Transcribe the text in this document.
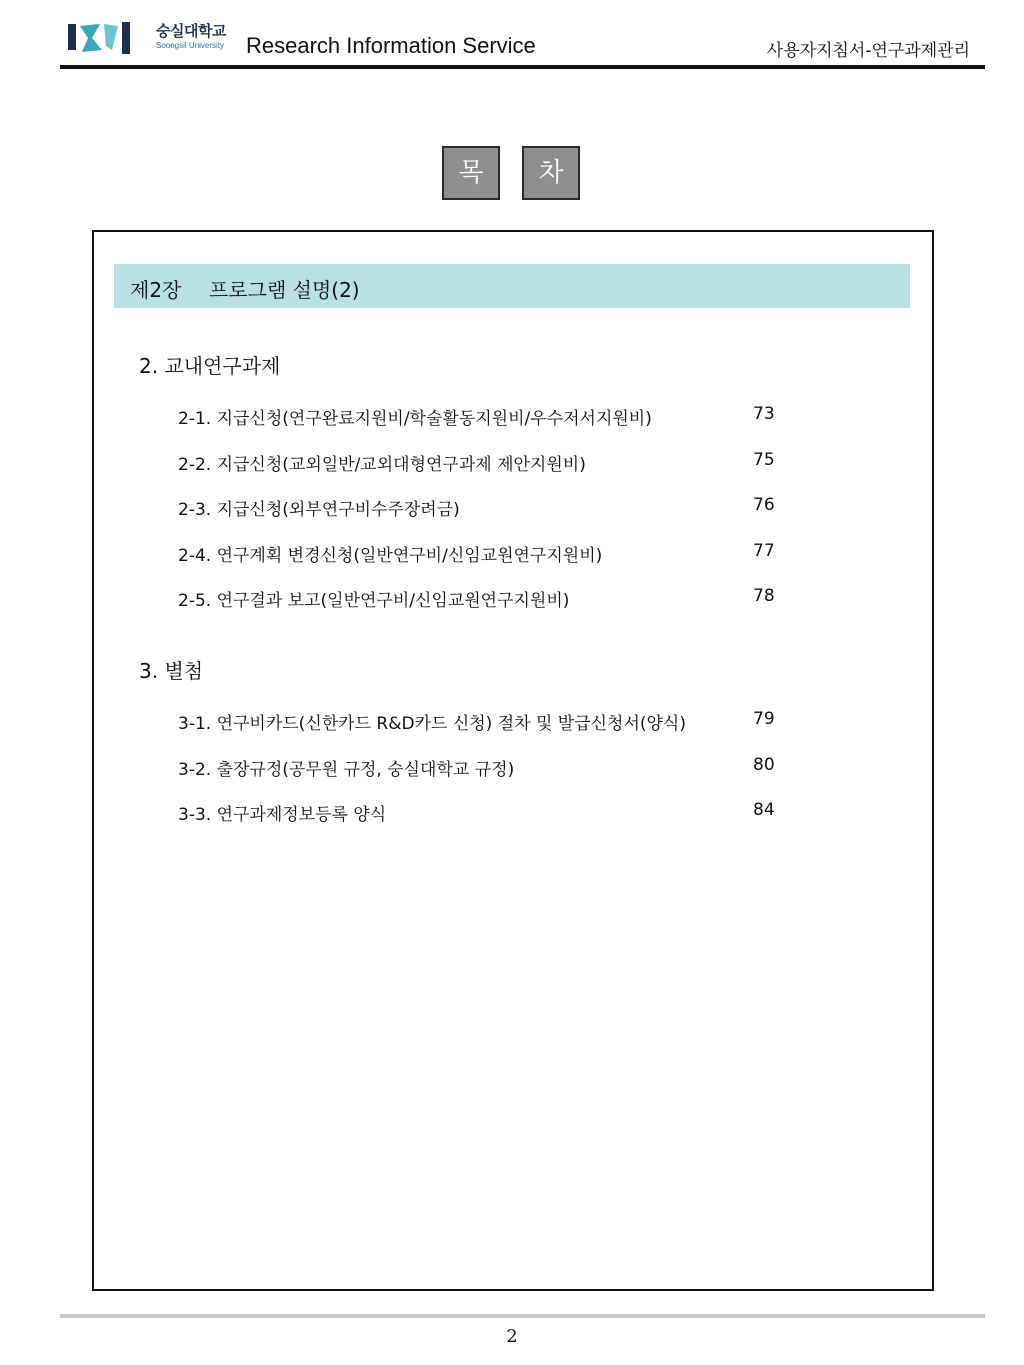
숭실대학교
Soongsil University Research Information Service	사용자지침서-연구과제관리
목	차
제2장 프로그램 설명(2)
2. 교내연구과제
2-1. 지급신청(연구완료지원비/학술활동지원비/우수저서지원비)	73
2-2. 지급신청(교외일반/교외대형연구과제 제안지원비)	75
2-3. 지급신청(외부연구비수주장려금)	76
2-4. 연구계획 변경신청(일반연구비/신임교원연구지원비)	77
2-5. 연구결과 보고(일반연구비/신임교원연구지원비)	78
3. 별첨
3-1. 연구비카드(신한카드 R&D카드 신청) 절차 및 발급신청서(양식)	79
3-2. 출장규정(공무원 규정, 숭실대학교 규정)	80
3-3. 연구과제정보등록 양식	84
2
